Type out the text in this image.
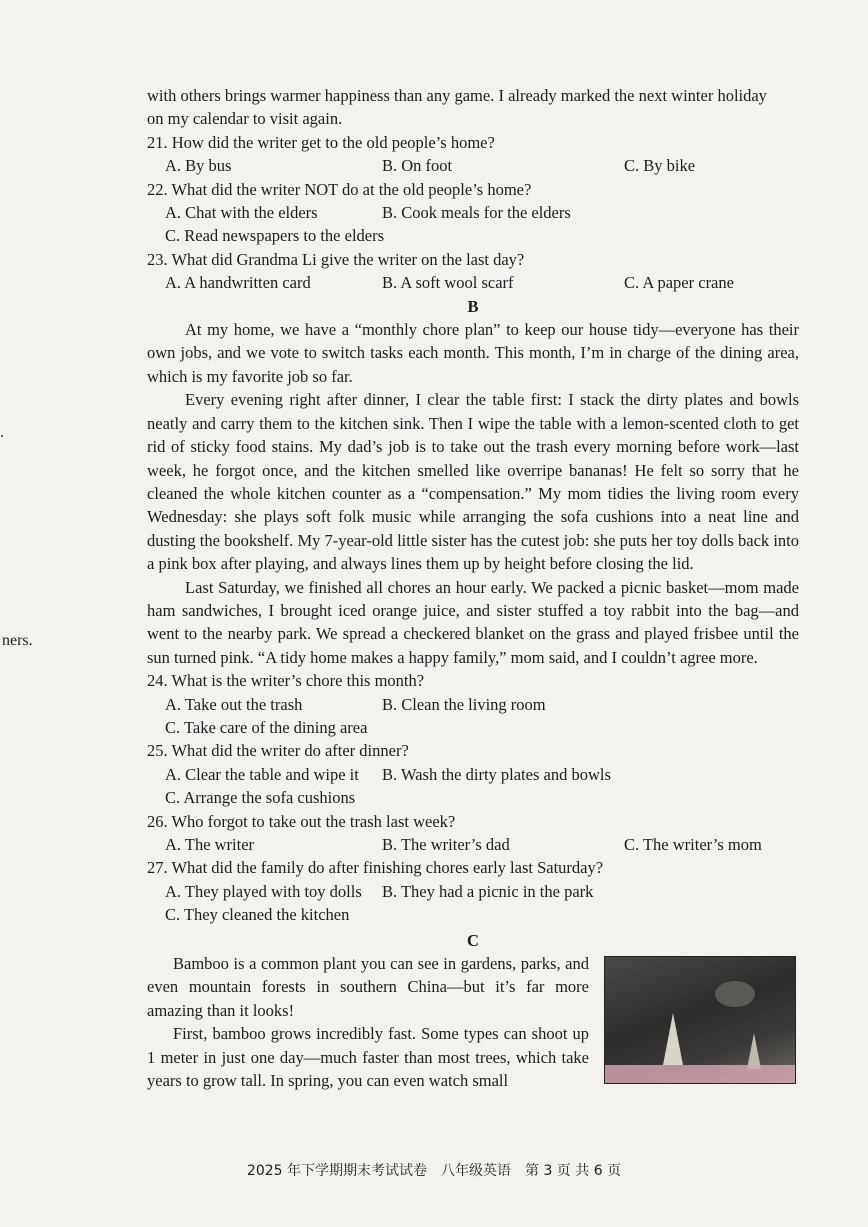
.
ners.

with others brings warmer happiness than any game. I already marked the next winter holiday

on my calendar to visit again.

21. How did the writer get to the old people’s home?

A. By bus	B. On foot	C. By bike

22. What did the writer NOT do at the old people’s home?

A. Chat with the elders	B. Cook meals for the elders
C. Read newspapers to the elders

23. What did Grandma Li give the writer on the last day?

A. A handwritten card	B. A soft wool scarf	C. A paper crane

B

At my home, we have a “monthly chore plan” to keep our house tidy—everyone has their own jobs, and we vote to switch tasks each month. This month, I’m in charge of the dining area, which is my favorite job so far.

Every evening right after dinner, I clear the table first: I stack the dirty plates and bowls neatly and carry them to the kitchen sink. Then I wipe the table with a lemon-scented cloth to get rid of sticky food stains. My dad’s job is to take out the trash every morning before work—last week, he forgot once, and the kitchen smelled like overripe bananas! He felt so sorry that he cleaned the whole kitchen counter as a “compensation.” My mom tidies the living room every Wednesday: she plays soft folk music while arranging the sofa cushions into a neat line and dusting the bookshelf. My 7-year-old little sister has the cutest job: she puts her toy dolls back into a pink box after playing, and always lines them up by height before closing the lid.

Last Saturday, we finished all chores an hour early. We packed a picnic basket—mom made ham sandwiches, I brought iced orange juice, and sister stuffed a toy rabbit into the bag—and went to the nearby park. We spread a checkered blanket on the grass and played frisbee until the sun turned pink. “A tidy home makes a happy family,” mom said, and I couldn’t agree more.

24. What is the writer’s chore this month?

A. Take out the trash	B. Clean the living room
C. Take care of the dining area

25. What did the writer do after dinner?

A. Clear the table and wipe it	B. Wash the dirty plates and bowls
C. Arrange the sofa cushions

26. Who forgot to take out the trash last week?

A. The writer	B. The writer’s dad	C. The writer’s mom

27. What did the family do after finishing chores early last Saturday?

A. They played with toy dolls	B. They had a picnic in the park
C. They cleaned the kitchen

C

Bamboo is a common plant you can see in gardens, parks, and even mountain forests in southern China—but it’s far more amazing than it looks!

First, bamboo grows incredibly fast. Some types can shoot up 1 meter in just one day—much faster than most trees, which take years to grow tall. In spring, you can even watch small

2025 年下学期期末考试试卷　八年级英语　第 3 页 共 6 页
